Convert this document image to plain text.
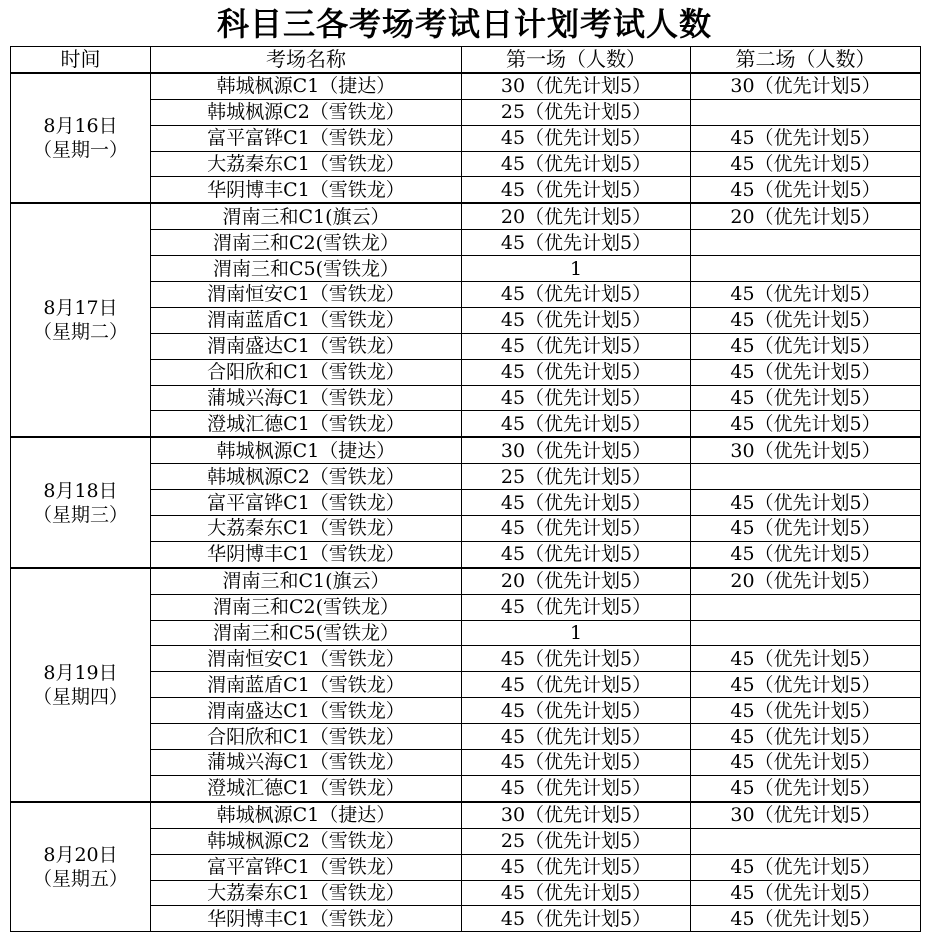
科目三各考场考试日计划考试人数
时间	考场名称	第一场（人数）	第二场（人数）

8月16日
（星期一）	韩城枫源C1（捷达）	30（优先计划5）	30（优先计划5）
	韩城枫源C2（雪铁龙）	25（优先计划5）	
	富平富铧C1（雪铁龙）	45（优先计划5）	45（优先计划5）
	大荔秦东C1（雪铁龙）	45（优先计划5）	45（优先计划5）
	华阴博丰C1（雪铁龙）	45（优先计划5）	45（优先计划5）

8月17日
（星期二）	渭南三和C1(旗云）	20（优先计划5）	20（优先计划5）
	渭南三和C2(雪铁龙）	45（优先计划5）	
	渭南三和C5(雪铁龙）	1	
	渭南恒安C1（雪铁龙）	45（优先计划5）	45（优先计划5）
	渭南蓝盾C1（雪铁龙）	45（优先计划5）	45（优先计划5）
	渭南盛达C1（雪铁龙）	45（优先计划5）	45（优先计划5）
	合阳欣和C1（雪铁龙）	45（优先计划5）	45（优先计划5）
	蒲城兴海C1（雪铁龙）	45（优先计划5）	45（优先计划5）
	澄城汇德C1（雪铁龙）	45（优先计划5）	45（优先计划5）

8月18日
（星期三）	韩城枫源C1（捷达）	30（优先计划5）	30（优先计划5）
	韩城枫源C2（雪铁龙）	25（优先计划5）	
	富平富铧C1（雪铁龙）	45（优先计划5）	45（优先计划5）
	大荔秦东C1（雪铁龙）	45（优先计划5）	45（优先计划5）
	华阴博丰C1（雪铁龙）	45（优先计划5）	45（优先计划5）

8月19日
（星期四）	渭南三和C1(旗云）	20（优先计划5）	20（优先计划5）
	渭南三和C2(雪铁龙）	45（优先计划5）	
	渭南三和C5(雪铁龙）	1	
	渭南恒安C1（雪铁龙）	45（优先计划5）	45（优先计划5）
	渭南蓝盾C1（雪铁龙）	45（优先计划5）	45（优先计划5）
	渭南盛达C1（雪铁龙）	45（优先计划5）	45（优先计划5）
	合阳欣和C1（雪铁龙）	45（优先计划5）	45（优先计划5）
	蒲城兴海C1（雪铁龙）	45（优先计划5）	45（优先计划5）
	澄城汇德C1（雪铁龙）	45（优先计划5）	45（优先计划5）

8月20日
（星期五）	韩城枫源C1（捷达）	30（优先计划5）	30（优先计划5）
	韩城枫源C2（雪铁龙）	25（优先计划5）	
	富平富铧C1（雪铁龙）	45（优先计划5）	45（优先计划5）
	大荔秦东C1（雪铁龙）	45（优先计划5）	45（优先计划5）
	华阴博丰C1（雪铁龙）	45（优先计划5）	45（优先计划5）
